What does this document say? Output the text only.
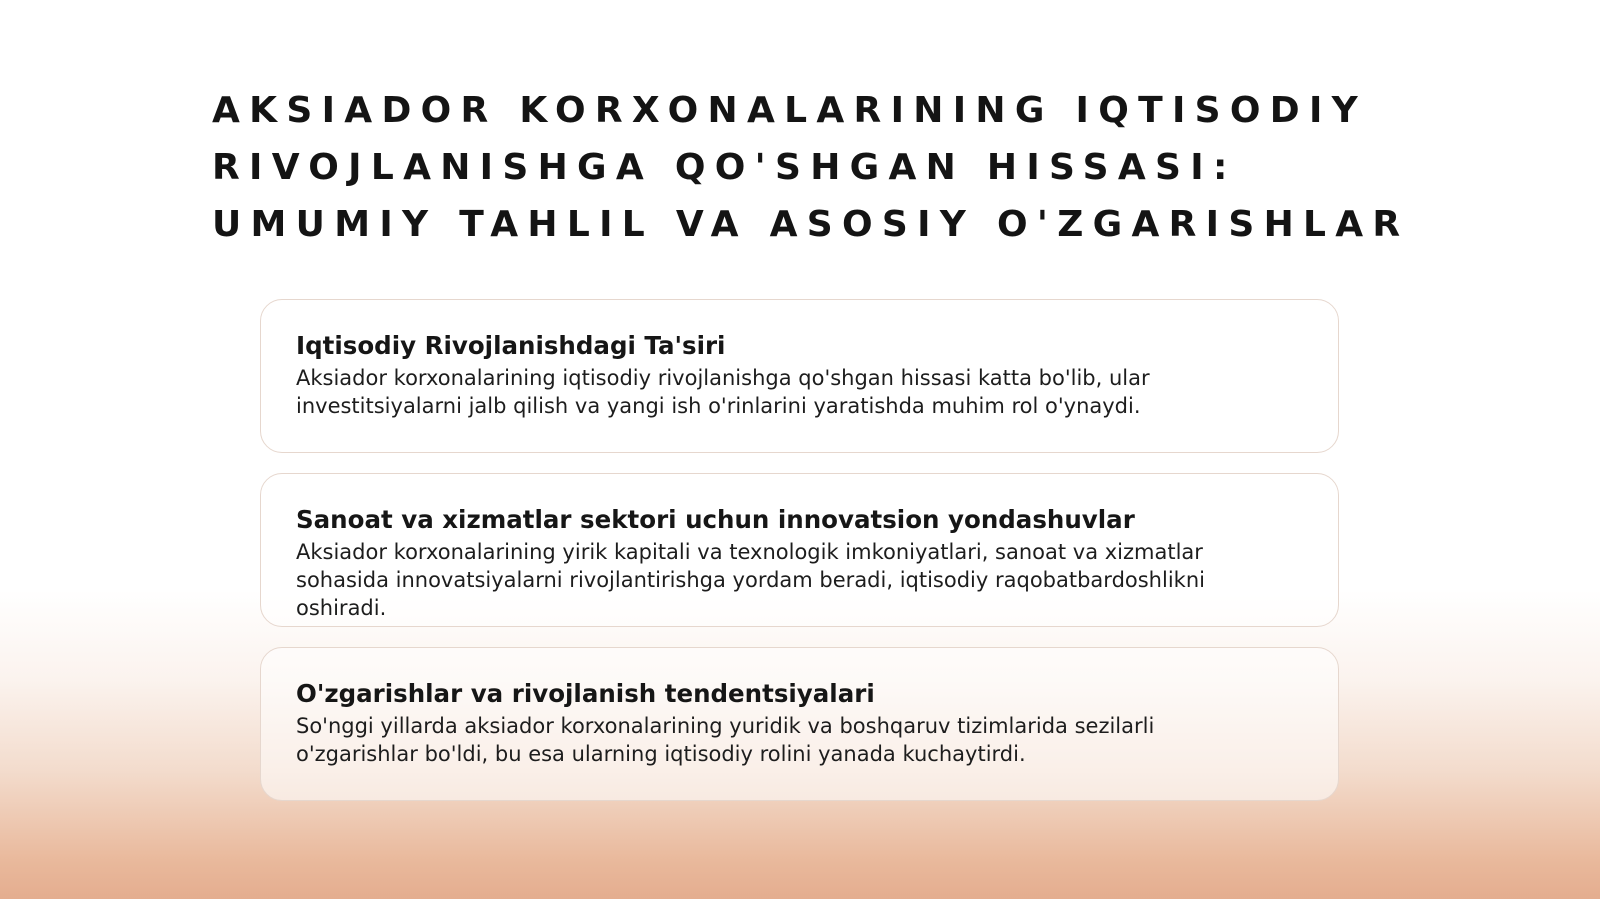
AKSIADOR KORXONALARINING IQTISODIY
RIVOJLANISHGA QO'SHGAN HISSASI:
UMUMIY TAHLIL VA ASOSIY O'ZGARISHLAR
Iqtisodiy Rivojlanishdagi Ta'siri

Aksiador korxonalarining iqtisodiy rivojlanishga qo'shgan hissasi katta bo'lib, ular investitsiyalarni jalb qilish va yangi ish o'rinlarini yaratishda muhim rol o'ynaydi.

Sanoat va xizmatlar sektori uchun innovatsion yondashuvlar

Aksiador korxonalarining yirik kapitali va texnologik imkoniyatlari, sanoat va xizmatlar sohasida innovatsiyalarni rivojlantirishga yordam beradi, iqtisodiy raqobatbardoshlikni oshiradi.

O'zgarishlar va rivojlanish tendentsiyalari

So'nggi yillarda aksiador korxonalarining yuridik va boshqaruv tizimlarida sezilarli o'zgarishlar bo'ldi, bu esa ularning iqtisodiy rolini yanada kuchaytirdi.
